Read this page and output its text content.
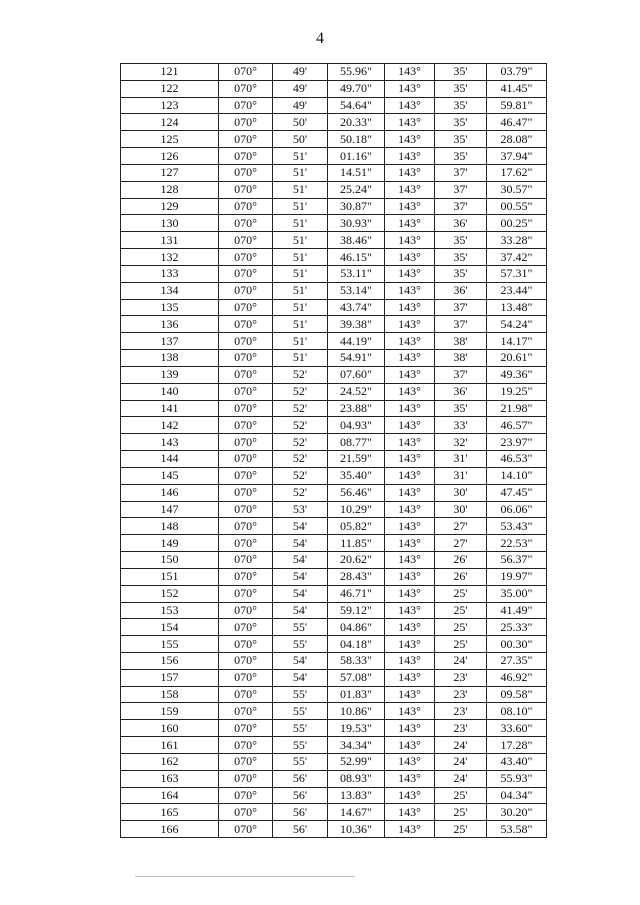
4
121	070°	49'	55.96"	143°	35'	03.79"
122	070°	49'	49.70"	143°	35'	41.45"
123	070°	49'	54.64"	143°	35'	59.81"
124	070°	50'	20.33"	143°	35'	46.47"
125	070°	50'	50.18"	143°	35'	28.08"
126	070°	51'	01.16"	143°	35'	37.94"
127	070°	51'	14.51"	143°	37'	17.62"
128	070°	51'	25.24"	143°	37'	30.57"
129	070°	51'	30.87"	143°	37'	00.55"
130	070°	51'	30.93"	143°	36'	00.25"
131	070°	51'	38.46"	143°	35'	33.28"
132	070°	51'	46.15"	143°	35'	37.42"
133	070°	51'	53.11"	143°	35'	57.31"
134	070°	51'	53.14"	143°	36'	23.44"
135	070°	51'	43.74"	143°	37'	13.48"
136	070°	51'	39.38"	143°	37'	54.24"
137	070°	51'	44.19"	143°	38'	14.17"
138	070°	51'	54.91"	143°	38'	20.61"
139	070°	52'	07.60"	143°	37'	49.36"
140	070°	52'	24.52"	143°	36'	19.25"
141	070°	52'	23.88"	143°	35'	21.98"
142	070°	52'	04.93"	143°	33'	46.57"
143	070°	52'	08.77"	143°	32'	23.97"
144	070°	52'	21.59"	143°	31'	46.53"
145	070°	52'	35.40"	143°	31'	14.10"
146	070°	52'	56.46"	143°	30'	47.45"
147	070°	53'	10.29"	143°	30'	06.06"
148	070°	54'	05.82"	143°	27'	53.43"
149	070°	54'	11.85"	143°	27'	22.53"
150	070°	54'	20.62"	143°	26'	56.37"
151	070°	54'	28.43"	143°	26'	19.97"
152	070°	54'	46.71"	143°	25'	35.00"
153	070°	54'	59.12"	143°	25'	41.49"
154	070°	55'	04.86"	143°	25'	25.33"
155	070°	55'	04.18"	143°	25'	00.30"
156	070°	54'	58.33"	143°	24'	27.35"
157	070°	54'	57.08"	143°	23'	46.92"
158	070°	55'	01.83"	143°	23'	09.58"
159	070°	55'	10.86"	143°	23'	08.10"
160	070°	55'	19.53"	143°	23'	33.60"
161	070°	55'	34.34"	143°	24'	17.28"
162	070°	55'	52.99"	143°	24'	43.40"
163	070°	56'	08.93"	143°	24'	55.93"
164	070°	56'	13.83"	143°	25'	04.34"
165	070°	56'	14.67"	143°	25'	30.20"
166	070°	56'	10.36"	143°	25'	53.58"
